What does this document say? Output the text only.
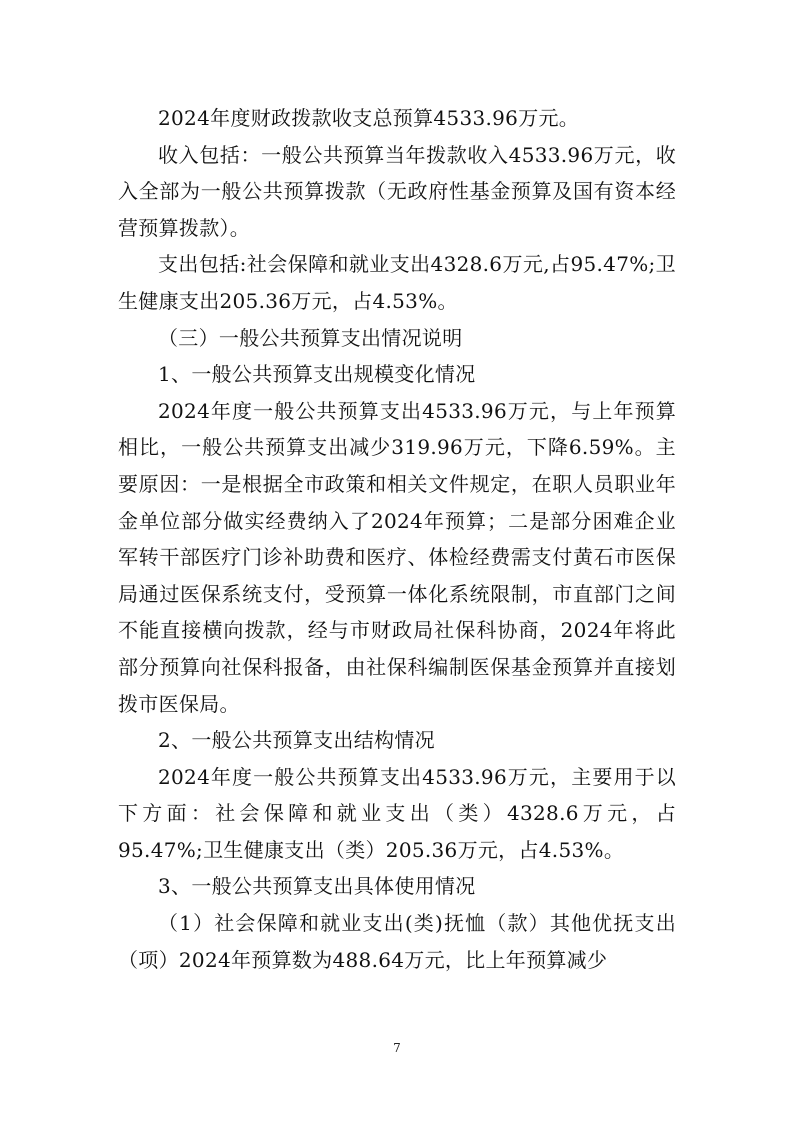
2024年度财政拨款收支总预算4533.96万元。

收入包括：一般公共预算当年拨款收入4533.96万元，收入全部为一般公共预算拨款（无政府性基金预算及国有资本经营预算拨款）。

支出包括:社会保障和就业支出4328.6万元,占95.47%;卫生健康支出205.36万元，占4.53%。

（三）一般公共预算支出情况说明

1、一般公共预算支出规模变化情况

2024年度一般公共预算支出4533.96万元，与上年预算相比，一般公共预算支出减少319.96万元，下降6.59%。主要原因：一是根据全市政策和相关文件规定，在职人员职业年金单位部分做实经费纳入了2024年预算；二是部分困难企业军转干部医疗门诊补助费和医疗、体检经费需支付黄石市医保局通过医保系统支付，受预算一体化系统限制，市直部门之间不能直接横向拨款，经与市财政局社保科协商，2024年将此部分预算向社保科报备，由社保科编制医保基金预算并直接划拨市医保局。

2、一般公共预算支出结构情况

2024年度一般公共预算支出4533.96万元，主要用于以下方面：社会保障和就业支出（类）4328.6万元，占95.47%;卫生健康支出（类）205.36万元，占4.53%。

3、一般公共预算支出具体使用情况

（1）社会保障和就业支出(类)抚恤（款）其他优抚支出（项）2024年预算数为488.64万元，比上年预算减少

7
